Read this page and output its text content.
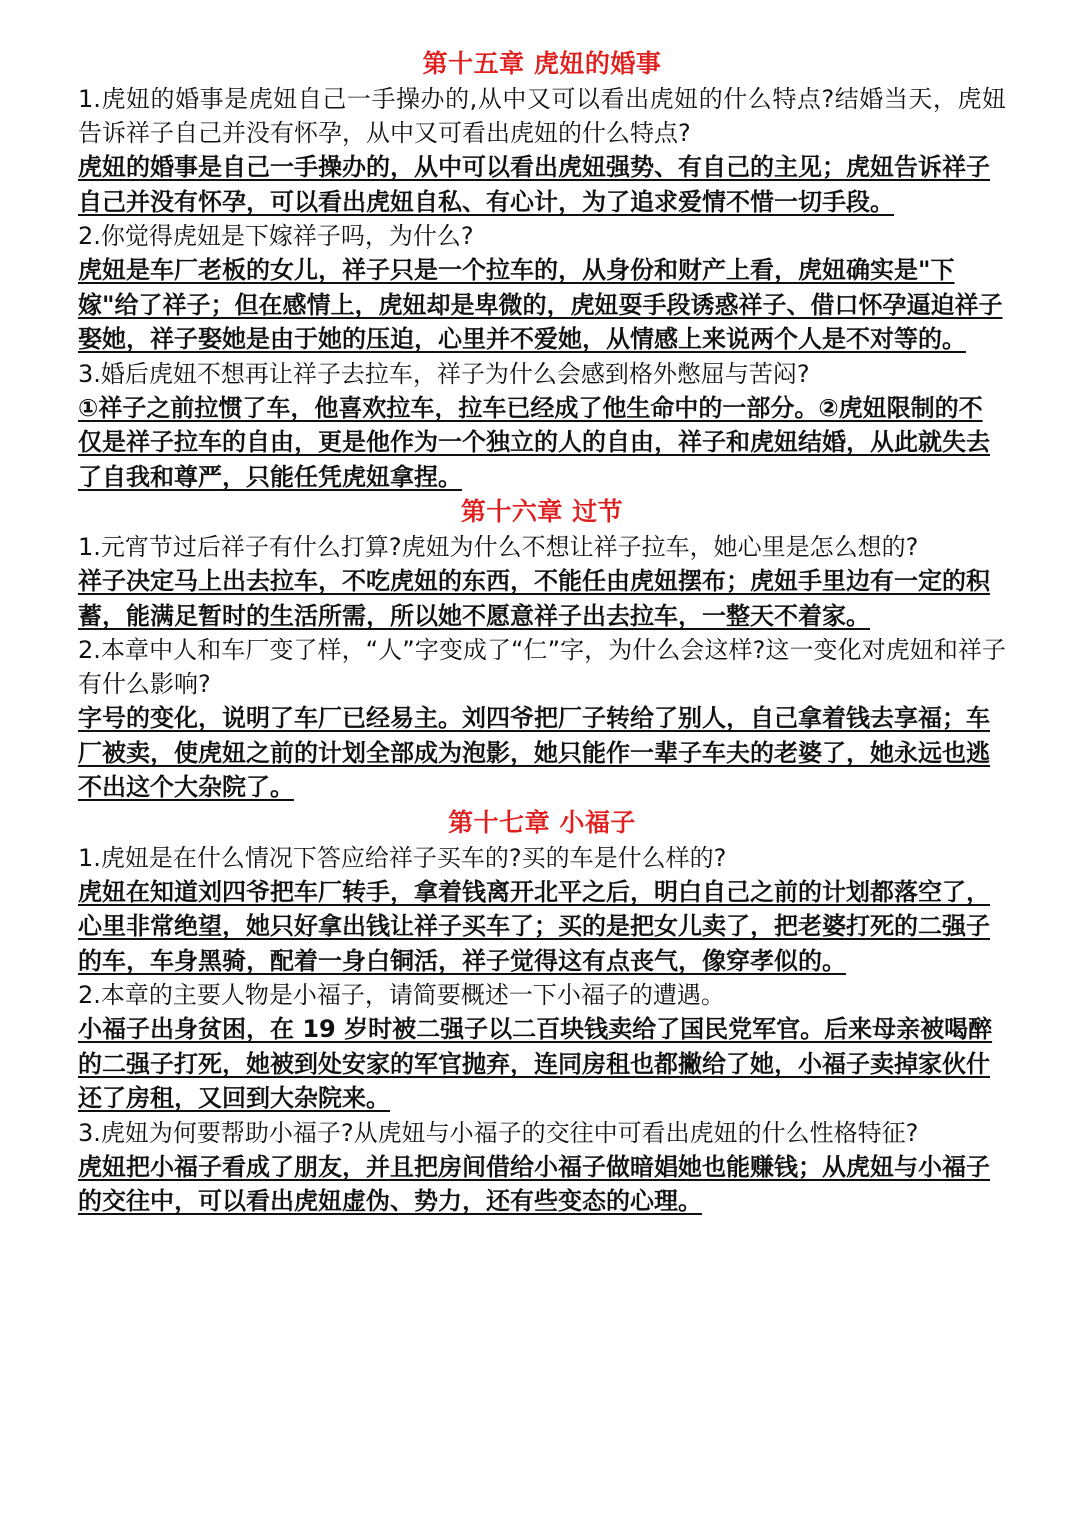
第十五章 虎妞的婚事

1.虎妞的婚事是虎妞自己一手操办的,从中又可以看出虎妞的什么特点?结婚当天，虎妞告诉祥子自己并没有怀孕，从中又可看出虎妞的什么特点?

虎妞的婚事是自己一手操办的，从中可以看出虎妞强势、有自己的主见；虎妞告诉祥子自己并没有怀孕，可以看出虎妞自私、有心计，为了追求爱情不惜一切手段。

2.你觉得虎妞是下嫁祥子吗，为什么?

虎妞是车厂老板的女儿，祥子只是一个拉车的，从身份和财产上看，虎妞确实是"下嫁"给了祥子；但在感情上，虎妞却是卑微的，虎妞耍手段诱惑祥子、借口怀孕逼迫祥子娶她，祥子娶她是由于她的压迫，心里并不爱她，从情感上来说两个人是不对等的。

3.婚后虎妞不想再让祥子去拉车，祥子为什么会感到格外憋屈与苦闷?

①祥子之前拉惯了车，他喜欢拉车，拉车已经成了他生命中的一部分。②虎妞限制的不仅是祥子拉车的自由，更是他作为一个独立的人的自由，祥子和虎妞结婚，从此就失去了自我和尊严，只能任凭虎妞拿捏。

第十六章 过节

1.元宵节过后祥子有什么打算?虎妞为什么不想让祥子拉车，她心里是怎么想的?

祥子决定马上出去拉车，不吃虎妞的东西，不能任由虎妞摆布；虎妞手里边有一定的积蓄，能满足暂时的生活所需，所以她不愿意祥子出去拉车，一整天不着家。

2.本章中人和车厂变了样，“人”字变成了“仁”字，为什么会这样?这一变化对虎妞和祥子有什么影响?

字号的变化，说明了车厂已经易主。刘四爷把厂子转给了别人，自己拿着钱去享福；车厂被卖，使虎妞之前的计划全部成为泡影，她只能作一辈子车夫的老婆了，她永远也逃不出这个大杂院了。

第十七章 小福子

1.虎妞是在什么情况下答应给祥子买车的?买的车是什么样的?

虎妞在知道刘四爷把车厂转手，拿着钱离开北平之后，明白自己之前的计划都落空了，心里非常绝望，她只好拿出钱让祥子买车了；买的是把女儿卖了，把老婆打死的二强子的车，车身黑骑，配着一身白铜活，祥子觉得这有点丧气，像穿孝似的。

2.本章的主要人物是小福子，请简要概述一下小福子的遭遇。

小福子出身贫困，在 19 岁时被二强子以二百块钱卖给了国民党军官。后来母亲被喝醉的二强子打死，她被到处安家的军官抛弃，连同房租也都撇给了她，小福子卖掉家伙什还了房租，又回到大杂院来。

3.虎妞为何要帮助小福子?从虎妞与小福子的交往中可看出虎妞的什么性格特征?

虎妞把小福子看成了朋友，并且把房间借给小福子做暗娼她也能赚钱；从虎妞与小福子的交往中，可以看出虎妞虚伪、势力，还有些变态的心理。
